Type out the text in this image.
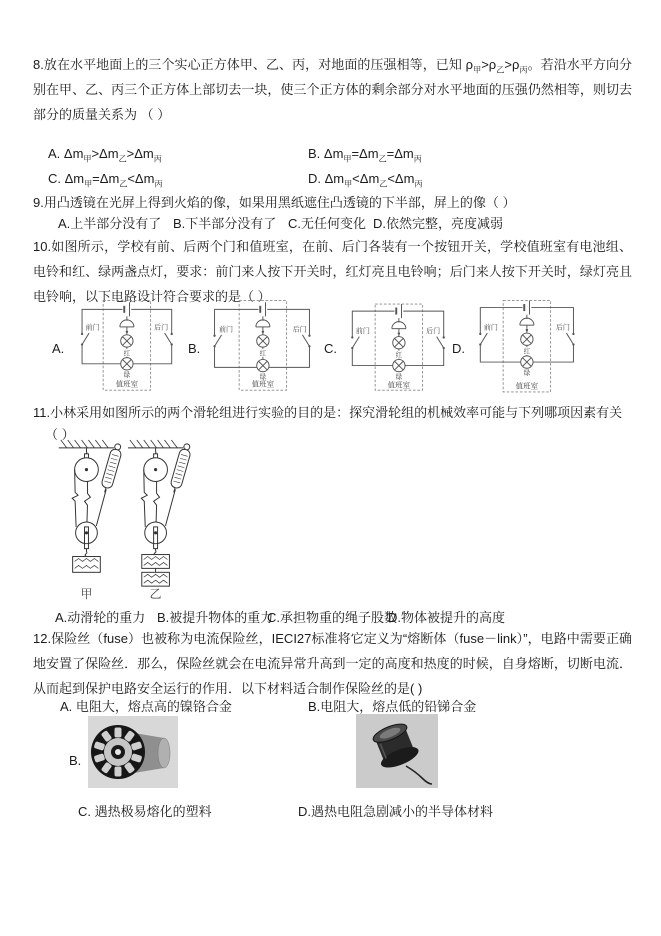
8.放在水平地面上的三个实心正方体甲、乙、丙，对地面的压强相等，已知 $\rho_甲>\rho_乙>\rho_丙$。若沿水平方向分别在甲、乙、丙三个正方体上部切去一块，使三个正方体的剩余部分对水平地面的压强仍然相等，则切去部分的质量关系为 （ ）
A. $\Delta m_甲>\Delta m_乙>\Delta m_丙$	B. $\Delta m_甲=\Delta m_乙=\Delta m_丙$
C. $\Delta m_甲=\Delta m_乙<\Delta m_丙$	D. $\Delta m_甲<\Delta m_乙<\Delta m_丙$
9.用凸透镜在光屏上得到火焰的像，如果用黑纸遮住凸透镜的下半部，屏上的像（ ）
A.上半部分没有了 B.下半部分没有了 C.无任何变化 D.依然完整，亮度减弱
10.如图所示，学校有前、后两个门和值班室，在前、后门各装有一个按钮开关，学校值班室有电池组、电铃和红、绿两盏点灯，要求：前门来人按下开关时，红灯亮且电铃响；后门来人按下开关时，绿灯亮且电铃响，以下电路设计符合要求的是（ ）
A.
前门	后门
红
绿
值班室
B.
前门	后门
红
绿
值班室
C.
前门	后门
红
绿
值班室
D.
前门	后门
红
绿
值班室
11.小林采用如图所示的两个滑轮组进行实验的目的是：探究滑轮组的机械效率可能与下列哪项因素有关
（ ）
甲	乙
A.动滑轮的重力 B.被提升物体的重力
C.承担物重的绳子股数
D.物体被提升的高度
12.保险丝（fuse）也被称为电流保险丝，IECI27标准将它定义为“熔断体（fuse－link）”，电路中需要正确地安置了保险丝．那么，保险丝就会在电流异常升高到一定的高度和热度的时候，自身熔断，切断电流．从而起到保护电路安全运行的作用．以下材料适合制作保险丝的是( )
A. 电阻大，熔点高的镍铬合金	B.电阻大，熔点低的铅锑合金
B.
C. 遇热极易熔化的塑料	D.遇热电阻急剧减小的半导体材料
